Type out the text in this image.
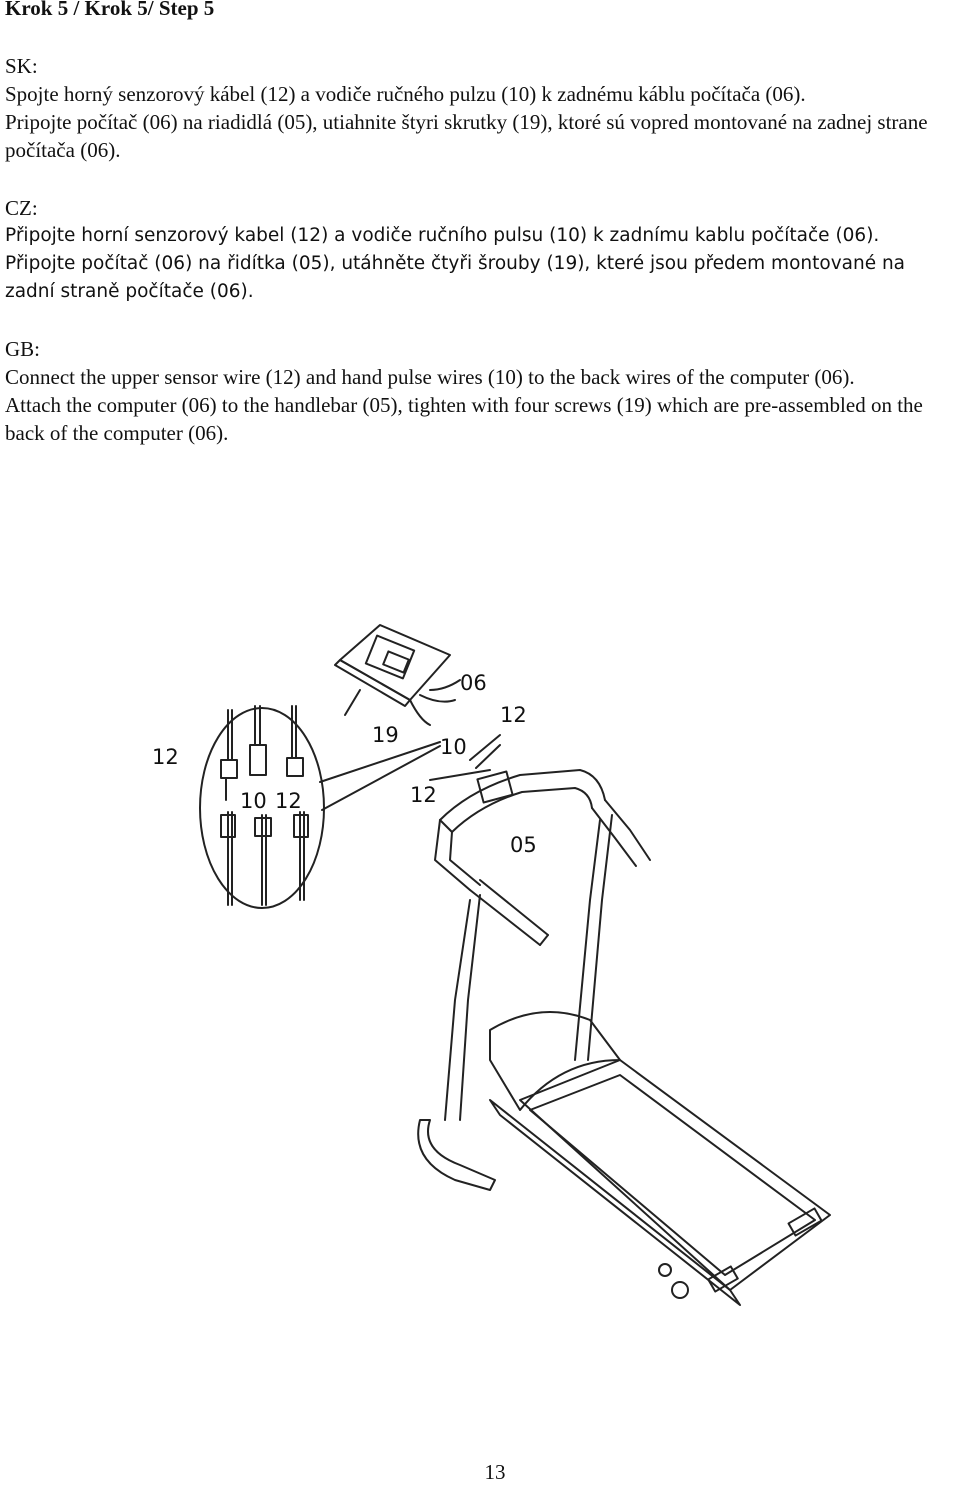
Krok 5 / Krok 5/ Step 5

SK:

Spojte horný senzorový kábel (12) a vodiče ručného pulzu (10) k zadnému káblu počítača (06).

Pripojte počítač (06) na riadidlá (05), utiahnite štyri skrutky (19), ktoré sú vopred montované na zadnej strane počítača (06).

CZ:

Připojte horní senzorový kabel (12) a vodiče ručního pulsu (10) k zadnímu kablu počítače (06).

Připojte počítač (06) na řidítka (05), utáhněte čtyři šrouby (19), které jsou předem montované na zadní straně počítače (06).

GB:

Connect the upper sensor wire (12) and hand pulse wires (10) to the back wires of the computer (06).

Attach the computer (06) to the handlebar (05), tighten with four screws (19) which are pre-assembled on the back of the computer (06).

06
19 10
12
12
05
12
10 12
13
